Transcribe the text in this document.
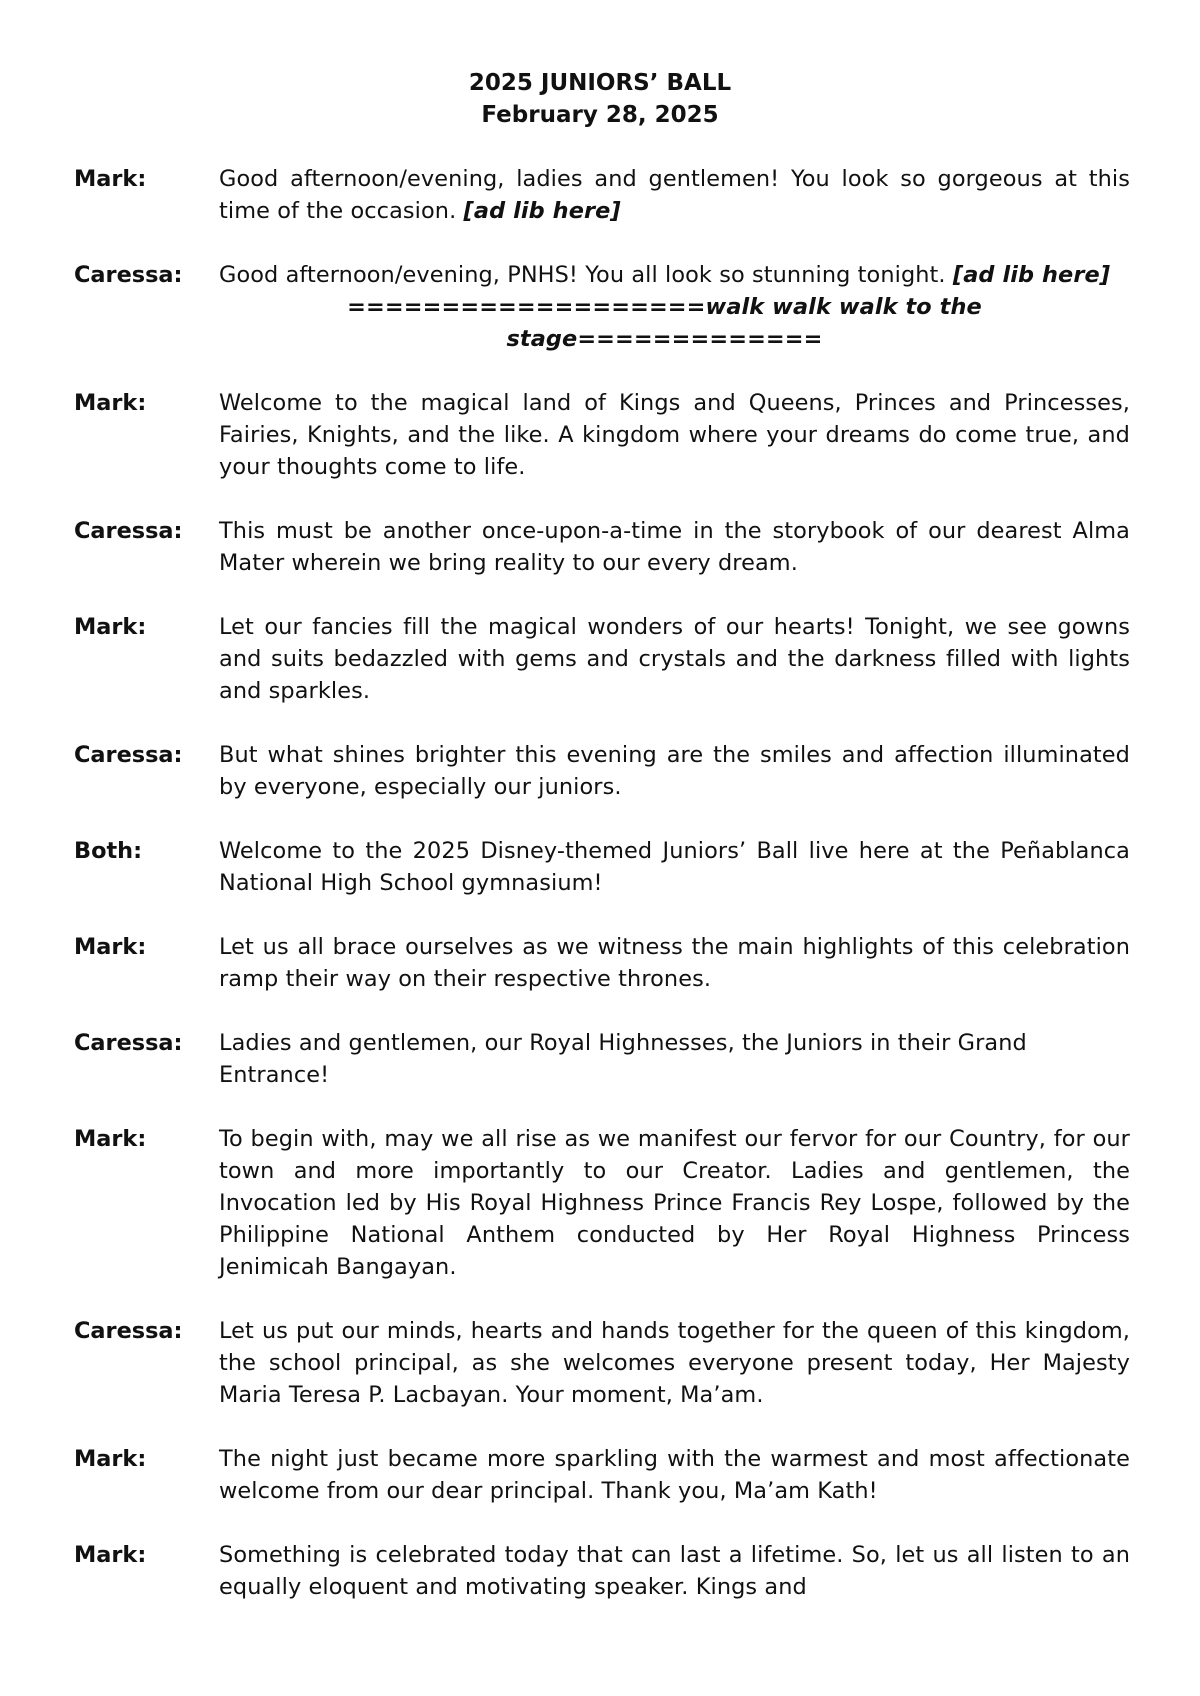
2025 JUNIORS’ BALL
February 28, 2025
Mark:	Good afternoon/evening, ladies and gentlemen! You look so gorgeous at this time of the occasion. [ad lib here]
Caressa:	Good afternoon/evening, PNHS! You all look so stunning tonight. [ad lib here]
===================walk walk walk to the stage=============
Mark:	Welcome to the magical land of Kings and Queens, Princes and Princesses, Fairies, Knights, and the like. A kingdom where your dreams do come true, and your thoughts come to life.
Caressa:	This must be another once-upon-a-time in the storybook of our dearest Alma Mater wherein we bring reality to our every dream.
Mark:	Let our fancies fill the magical wonders of our hearts! Tonight, we see gowns and suits bedazzled with gems and crystals and the darkness filled with lights and sparkles.
Caressa:	But what shines brighter this evening are the smiles and affection illuminated by everyone, especially our juniors.
Both:	Welcome to the 2025 Disney-themed Juniors’ Ball live here at the Peñablanca National High School gymnasium!
Mark:	Let us all brace ourselves as we witness the main highlights of this celebration ramp their way on their respective thrones.
Caressa:	Ladies and gentlemen, our Royal Highnesses, the Juniors in their Grand Entrance!
Mark:	To begin with, may we all rise as we manifest our fervor for our Country, for our town and more importantly to our Creator. Ladies and gentlemen, the Invocation led by His Royal Highness Prince Francis Rey Lospe, followed by the Philippine National Anthem conducted by Her Royal Highness Princess Jenimicah Bangayan.
Caressa:	Let us put our minds, hearts and hands together for the queen of this kingdom, the school principal, as she welcomes everyone present today, Her Majesty Maria Teresa P. Lacbayan. Your moment, Ma’am.
Mark:	The night just became more sparkling with the warmest and most affectionate welcome from our dear principal. Thank you, Ma’am Kath!
Mark:	Something is celebrated today that can last a lifetime. So, let us all listen to an equally eloquent and motivating speaker. Kings and
